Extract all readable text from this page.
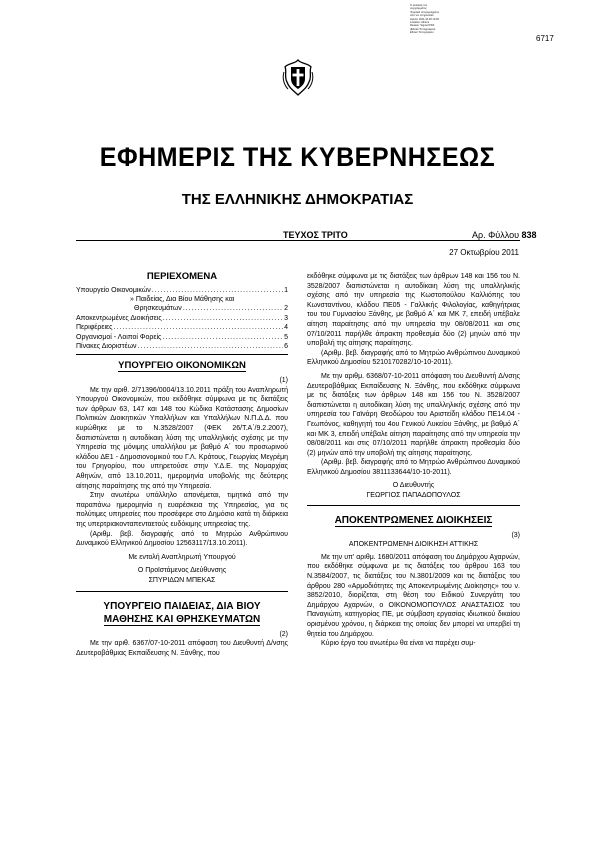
Ο φύλακας του
συγγράμματος
Ψηφιακά υπογεγραμμένο
από τον υπηρεσιακό
Ημ/νία: 2011.10.28 10:45
Location: Athens
Reason: Signed PDF
(Εθνικό Τυπογραφείο)
Εθνικό Τυπογραφείο
6717
ΕΦΗΜΕΡΙΣ ΤΗΣ ΚΥΒΕΡΝΗΣΕΩΣ
ΤΗΣ ΕΛΛΗΝΙΚΗΣ ΔΗΜΟΚΡΑΤΙΑΣ
ΤΕΥΧΟΣ ΤΡΙΤΟ	Αρ. Φύλλου 838
27 Οκτωβρίου 2011
ΠΕΡΙΕΧΟΜΕΝΑ
Υπουργείο Οικονομικών .....	1
» Παιδείας, Δια Βίου Μάθησης και
Θρησκευμάτων .....	2
Αποκεντρωμένες Διοικήσεις .....	3
Περιφέρειες .....	4
Οργανισμοί - Λοιποί Φορείς .....	5
Πίνακες Διοριστέων .....	6
ΥΠΟΥΡΓΕΙΟ ΟΙΚΟΝΟΜΙΚΩΝ
(1)

Με την αριθ. 2/71396/0004/13.10.2011 πράξη του Αναπληρωτή Υπουργού Οικονομικών, που εκδόθηκε σύμφωνα με τις διατάξεις των άρθρων 63, 147 και 148 του Κώδικα Κατάστασης Δημοσίων Πολιτικών Διοικητικών Υπαλλήλων και Υπαλλήλων Ν.Π.Δ.Δ. που κυρώθηκε με το Ν.3528/2007 (ΦΕΚ 26/Τ.Α΄/9.2.2007), διαπιστώνεται η αυτοδίκαιη λύση της υπαλληλικής σχέσης με την Υπηρεσία της μόνιμης υπαλλήλου με βαθμό Α΄ του προσωρινού κλάδου ΔΕ1 - Δημοσιονομικού του Γ.Λ. Κράτους, Γεωργίας Μεγρέμη του Γρηγορίου, που υπηρετούσε στην Υ.Δ.Ε. της Νομαρχίας Αθηνών, από 13.10.2011, ημερομηνία υποβολής της δεύτερης αίτησης παραίτησης της από την Υπηρεσία.

Στην ανωτέρω υπάλληλο απονέμεται, τιμητικά από την παραπάνω ημερομηνία η ευαρέσκεια της Υπηρεσίας, για τις πολύτιμες υπηρεσίες που προσέφερε στο Δημόσιο κατά τη διάρκεια της υπερτριακονταπενταετούς ευδόκιμης υπηρεσίας της.

(Αριθμ. βεβ. διαγραφής από το Μητρώο Ανθρώπινου Δυναμικού Ελληνικού Δημοσίου 12563117/13.10.2011).

Με εντολή Αναπληρωτή Υπουργού
Ο Προϊστάμενος Διεύθυνσης
ΣΠΥΡΙΔΩΝ ΜΠΕΚΑΣ
ΥΠΟΥΡΓΕΙΟ ΠΑΙΔΕΙΑΣ, ΔΙΑ ΒΙΟΥ
ΜΑΘΗΣΗΣ ΚΑΙ ΘΡΗΣΚΕΥΜΑΤΩΝ
(2)

Με την αριθ. 6367/07-10-2011 απόφαση του Διευθυντή Δ/νσης Δευτεροβάθμιας Εκπαίδευσης Ν. Ξάνθης, που

εκδόθηκε σύμφωνα με τις διατάξεις των άρθρων 148 και 156 του Ν. 3528/2007 διαπιστώνεται η αυτοδίκαιη λύση της υπαλληλικής σχέσης από την υπηρεσία της Κωστοπούλου Καλλιόπης του Κωνσταντίνου, κλάδου ΠΕ05 - Γαλλικής Φιλολογίας, καθηγήτριας του του Γυμνασίου Ξάνθης, με βαθμό Α΄ και ΜΚ 7, επειδή υπέβαλε αίτηση παραίτησης από την υπηρεσία την 08/08/2011 και στις 07/10/2011 παρήλθε άπρακτη προθεσμία δύο (2) μηνών από την υποβολή της αίτησης παραίτησης.

(Αριθμ. βεβ. διαγραφής από το Μητρώο Ανθρώπινου Δυναμικού Ελληνικού Δημοσίου 5210170282/10-10-2011).

Με την αριθμ. 6368/07-10-2011 απόφαση του Διευθυντή Δ/νσης Δευτεροβάθμιας Εκπαίδευσης Ν. Ξάνθης, που εκδόθηκε σύμφωνα με τις διατάξεις των άρθρων 148 και 156 του Ν. 3528/2007 διαπιστώνεται η αυτοδίκαιη λύση της υπαλληλικής σχέσης από την υπηρεσία του Γαϊνάρη Θεοδώρου του Αριστείδη κλάδου ΠΕ14.04 - Γεωπόνος, καθηγητή του 4ου Γενικού Λυκείου Ξάνθης, με βαθμό Α΄ και ΜΚ 3, επειδή υπέβαλε αίτηση παραίτησης από την υπηρεσία την 08/08/2011 και στις 07/10/2011 παρήλθε άπρακτη προθεσμία δύο (2) μηνών από την υποβολή της αίτησης παραίτησης.

(Αριθμ. βεβ. διαγραφής από το Μητρώο Ανθρώπινου Δυναμικού Ελληνικού Δημοσίου 3811133644/10-10-2011).

Ο Διευθυντής
ΓΕΩΡΓΙΟΣ ΠΑΠΑΔΟΠΟΥΛΟΣ
ΑΠΟΚΕΝΤΡΩΜΕΝΕΣ ΔΙΟΙΚΗΣΕΙΣ
(3)
ΑΠΟΚΕΝΤΡΩΜΕΝΗ ΔΙΟΙΚΗΣΗ ΑΤΤΙΚΗΣ

Με την υπ' αριθμ. 1680/2011 απόφαση του Δημάρχου Αχαρνών, που εκδόθηκε σύμφωνα με τις διατάξεις του άρθρου 163 του Ν.3584/2007, τις διατάξεις του Ν.3801/2009 και τις διατάξεις του άρθρου 280 «Αρμοδιότητες της Αποκεντρωμένης Διοίκησης» του ν. 3852/2010, διορίζεται, στη θέση του Ειδικού Συνεργάτη του Δημάρχου Αχαρνών, ο ΟΙΚΟΝΟΜΟΠΟΥΛΟΣ ΑΝΑΣΤΑΣΙΟΣ του Παναγιώτη, κατηγορίας ΠΕ, με σύμβαση εργασίας ιδιωτικού δικαίου ορισμένου χρόνου, η διάρκεια της οποίας δεν μπορεί να υπερβεί τη θητεία του Δημάρχου.

Κύριο έργο του ανωτέρω θα είναι να παρέχει συμ-
